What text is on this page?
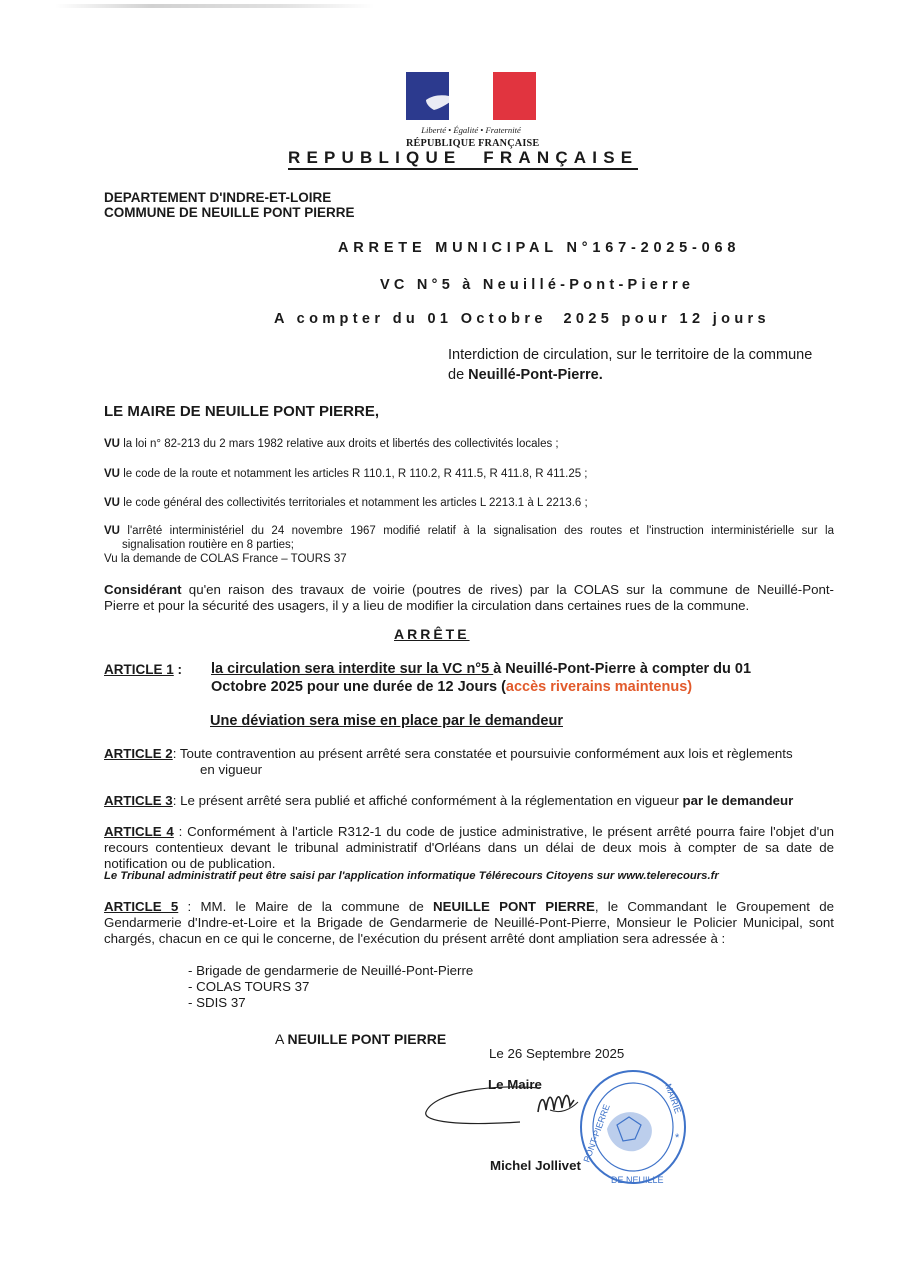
Liberté • Égalité • Fraternité
RÉPUBLIQUE FRANÇAISE
REPUBLIQUE  FRANÇAISE
DEPARTEMENT D'INDRE-ET-LOIRE
COMMUNE DE NEUILLE PONT PIERRE
ARRETE MUNICIPAL N°167-2025-068
VC N°5 à Neuillé-Pont-Pierre
A compter du 01 Octobre  2025 pour 12 jours
Interdiction de circulation, sur le territoire de la commune
de Neuillé-Pont-Pierre.
LE MAIRE DE NEUILLE PONT PIERRE,
VU la loi n° 82-213 du 2 mars 1982 relative aux droits et libertés des collectivités locales ;
VU le code de la route et notamment les articles R 110.1, R 110.2, R 411.5, R 411.8, R 411.25 ;
VU le code général des collectivités territoriales et notamment les articles L 2213.1 à L 2213.6 ;
VU l'arrêté interministériel du 24 novembre 1967 modifié relatif à la signalisation des routes et l'instruction interministérielle sur la
signalisation routière en 8 parties;
Vu la demande de COLAS France – TOURS 37
Considérant qu'en raison des travaux de voirie (poutres de rives) par la COLAS sur la commune de Neuillé-Pont-
Pierre et pour la sécurité des usagers, il y a lieu de modifier la circulation dans certaines rues de la commune.
ARRÊTE
ARTICLE 1 : la circulation sera interdite sur la VC n°5 à Neuillé-Pont-Pierre à compter du 01
Octobre 2025 pour une durée de 12 Jours (accès riverains maintenus)
Une déviation sera mise en place par le demandeur
ARTICLE 2: Toute contravention au présent arrêté sera constatée et poursuivie conformément aux lois et règlements
en vigueur
ARTICLE 3: Le présent arrêté sera publié et affiché conformément à la réglementation en vigueur par le demandeur
ARTICLE 4 : Conformément à l'article R312-1 du code de justice administrative, le présent arrêté pourra faire l'objet d'un
recours contentieux devant le tribunal administratif d'Orléans dans un délai de deux mois à compter de sa date de
notification ou de publication.
Le Tribunal administratif peut être saisi par l'application informatique Télérecours Citoyens sur www.telerecours.fr
ARTICLE 5 : MM. le Maire de la commune de NEUILLE PONT PIERRE, le Commandant le Groupement de
Gendarmerie d'Indre-et-Loire et la Brigade de Gendarmerie de Neuillé-Pont-Pierre, Monsieur le Policier Municipal, sont
chargés, chacun en ce qui le concerne, de l'exécution du présent arrêté dont ampliation sera adressée à :
- Brigade de gendarmerie de Neuillé-Pont-Pierre
- COLAS TOURS 37
- SDIS 37
A NEUILLE PONT PIERRE
Le 26 Septembre 2025
PONT-PIERRE
MAIRIE
DE NEUILLE
*
Le Maire
Michel Jollivet
